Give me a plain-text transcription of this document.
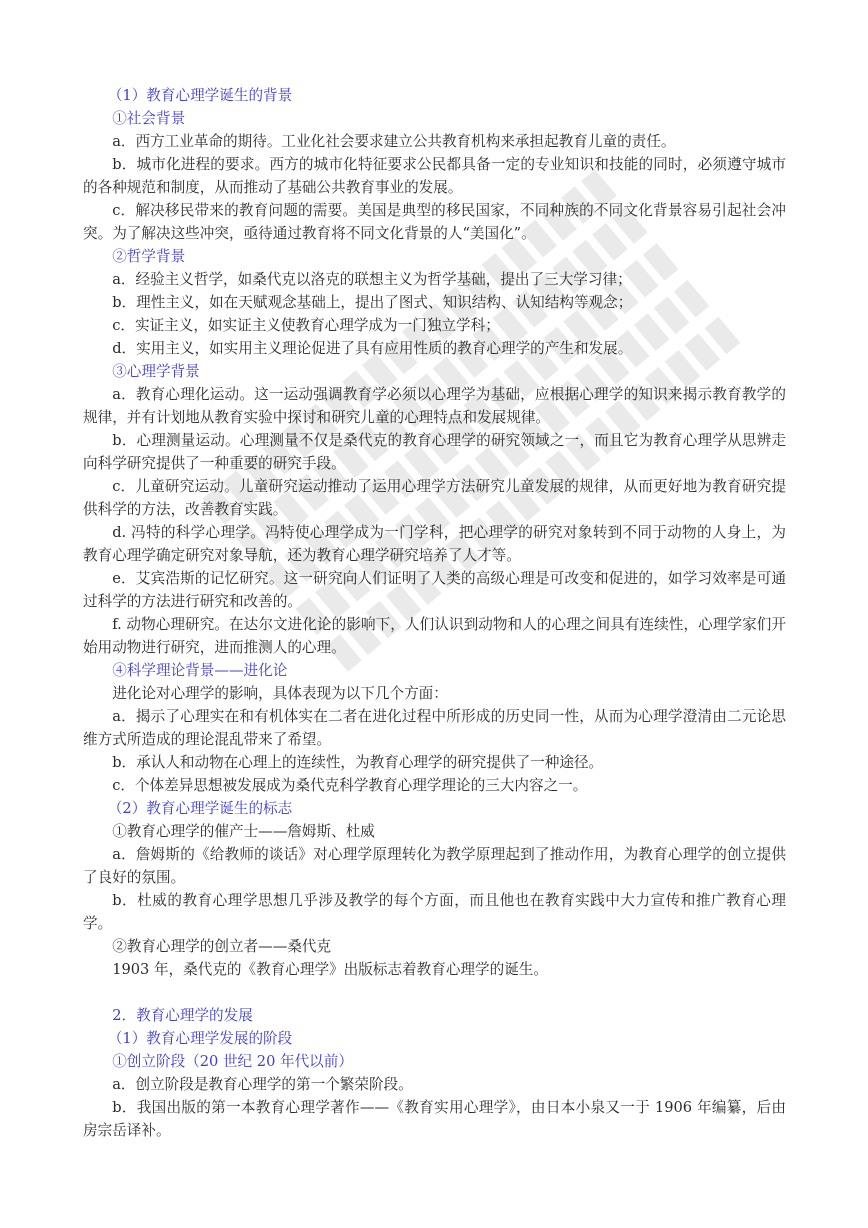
（1）教育心理学诞生的背景

①社会背景

a．西方工业革命的期待。工业化社会要求建立公共教育机构来承担起教育儿童的责任。

b．城市化进程的要求。西方的城市化特征要求公民都具备一定的专业知识和技能的同时，必须遵守城市的各种规范和制度，从而推动了基础公共教育事业的发展。

c．解决移民带来的教育问题的需要。美国是典型的移民国家，不同种族的不同文化背景容易引起社会冲突。为了解决这些冲突，亟待通过教育将不同文化背景的人“美国化”。

②哲学背景

a．经验主义哲学，如桑代克以洛克的联想主义为哲学基础，提出了三大学习律；

b．理性主义，如在天赋观念基础上，提出了图式、知识结构、认知结构等观念；

c．实证主义，如实证主义使教育心理学成为一门独立学科；

d．实用主义，如实用主义理论促进了具有应用性质的教育心理学的产生和发展。

③心理学背景

a．教育心理化运动。这一运动强调教育学必须以心理学为基础，应根据心理学的知识来揭示教育教学的规律，并有计划地从教育实验中探讨和研究儿童的心理特点和发展规律。

b．心理测量运动。心理测量不仅是桑代克的教育心理学的研究领域之一，而且它为教育心理学从思辨走向科学研究提供了一种重要的研究手段。

c．儿童研究运动。儿童研究运动推动了运用心理学方法研究儿童发展的规律，从而更好地为教育研究提供科学的方法，改善教育实践。

d. 冯特的科学心理学。冯特使心理学成为一门学科，把心理学的研究对象转到不同于动物的人身上，为教育心理学确定研究对象导航，还为教育心理学研究培养了人才等。

e．艾宾浩斯的记忆研究。这一研究向人们证明了人类的高级心理是可改变和促进的，如学习效率是可通过科学的方法进行研究和改善的。

f. 动物心理研究。在达尔文进化论的影响下，人们认识到动物和人的心理之间具有连续性，心理学家们开始用动物进行研究，进而推测人的心理。

④科学理论背景——进化论

进化论对心理学的影响，具体表现为以下几个方面：

a．揭示了心理实在和有机体实在二者在进化过程中所形成的历史同一性，从而为心理学澄清由二元论思维方式所造成的理论混乱带来了希望。

b．承认人和动物在心理上的连续性，为教育心理学的研究提供了一种途径。

c．个体差异思想被发展成为桑代克科学教育心理学理论的三大内容之一。

（2）教育心理学诞生的标志

①教育心理学的催产士——詹姆斯、杜威

a．詹姆斯的《给教师的谈话》对心理学原理转化为教学原理起到了推动作用，为教育心理学的创立提供了良好的氛围。

b．杜威的教育心理学思想几乎涉及教学的每个方面，而且他也在教育实践中大力宣传和推广教育心理学。

②教育心理学的创立者——桑代克

1903 年，桑代克的《教育心理学》出版标志着教育心理学的诞生。

2．教育心理学的发展

（1）教育心理学发展的阶段

①创立阶段（20 世纪 20 年代以前）

a．创立阶段是教育心理学的第一个繁荣阶段。

b．我国出版的第一本教育心理学著作——《教育实用心理学》，由日本小泉又一于 1906 年编纂，后由房宗岳译补。
